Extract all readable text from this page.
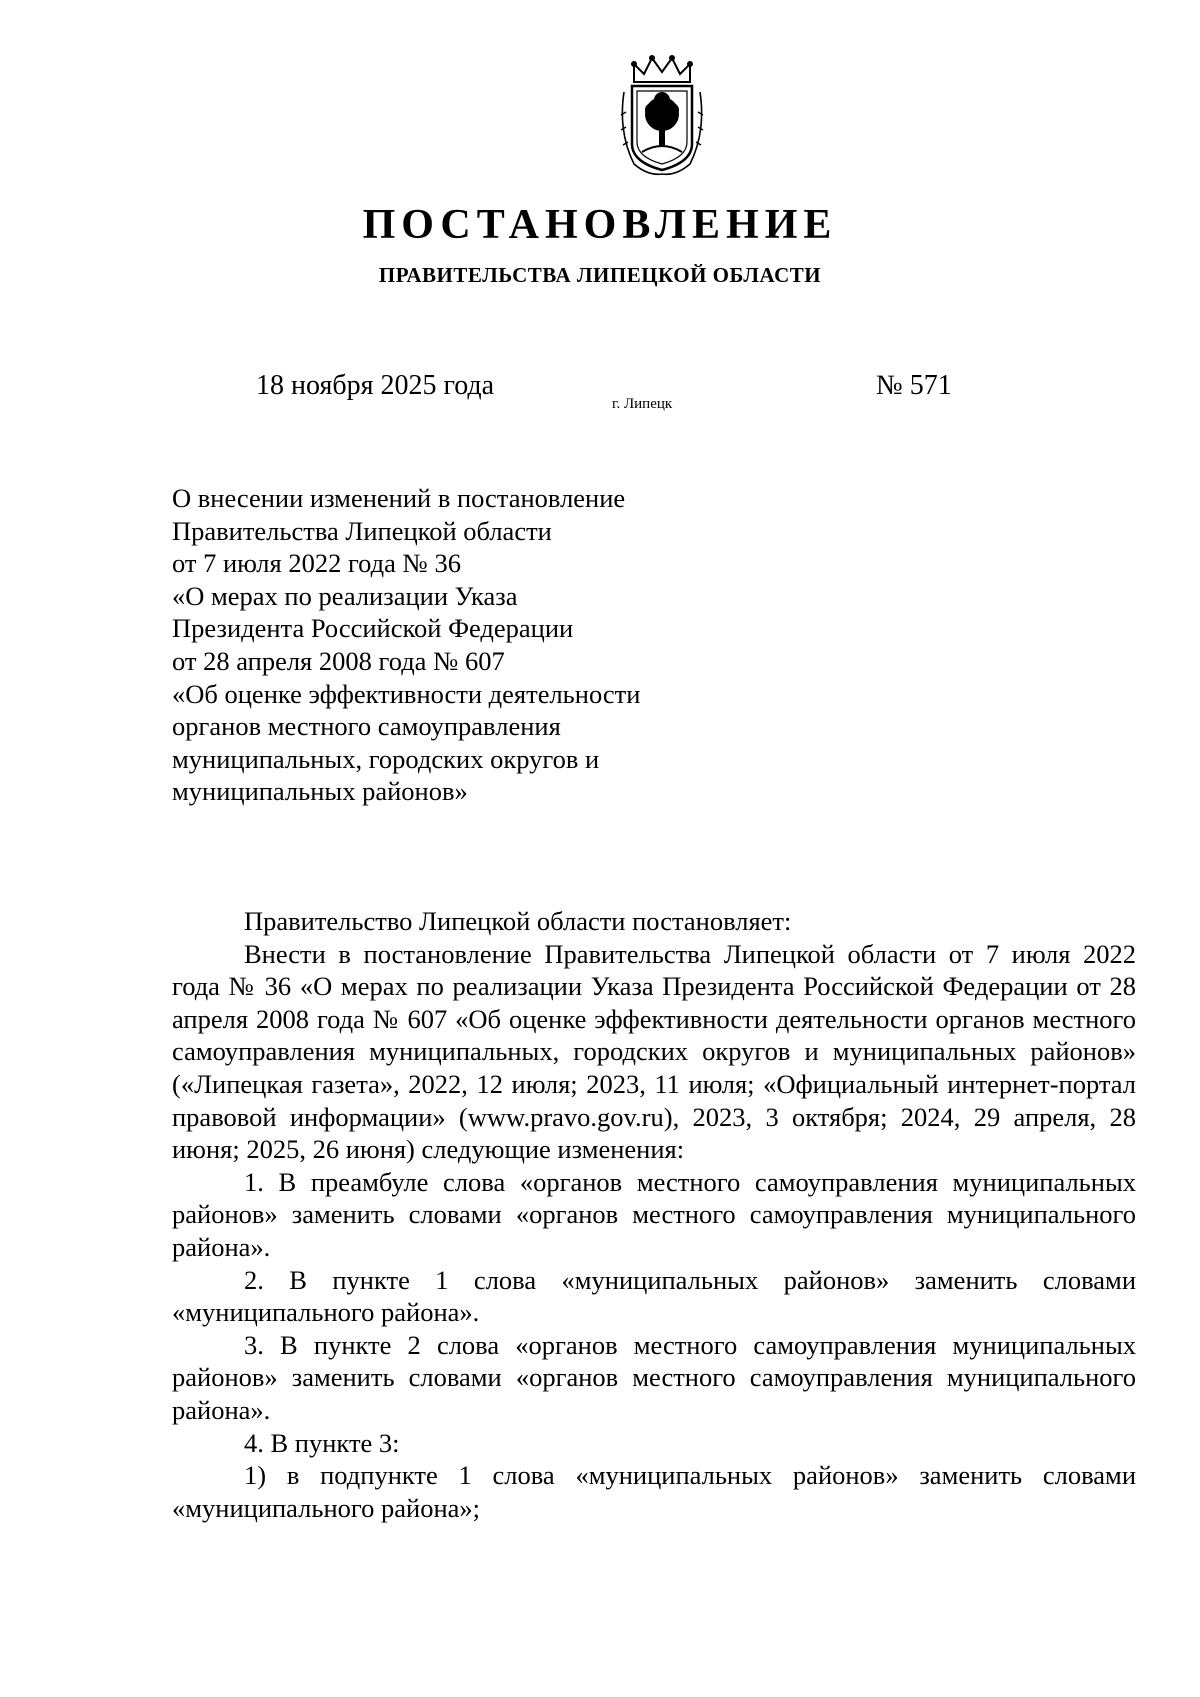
ПОСТАНОВЛЕНИЕ
ПРАВИТЕЛЬСТВА ЛИПЕЦКОЙ ОБЛАСТИ
18 ноября 2025 года
г. Липецк
№ 571
О внесении изменений в постановление
Правительства Липецкой области
от 7 июля 2022 года № 36
«О мерах по реализации Указа
Президента Российской Федерации
от 28 апреля 2008 года № 607
«Об оценке эффективности деятельности
органов местного самоуправления
муниципальных, городских округов и
муниципальных районов»

Правительство Липецкой области постановляет:

Внести в постановление Правительства Липецкой области от 7 июля 2022 года № 36 «О мерах по реализации Указа Президента Российской Федерации от 28 апреля 2008 года № 607 «Об оценке эффективности деятельности органов местного самоуправления муниципальных, городских округов и муниципальных районов» («Липецкая газета», 2022, 12 июля; 2023, 11 июля; «Официальный интернет-портал правовой информации» (www.pravo.gov.ru), 2023, 3 октября; 2024, 29 апреля, 28 июня; 2025, 26 июня) следующие изменения:

1. В преамбуле слова «органов местного самоуправления муниципальных районов» заменить словами «органов местного самоуправления муниципального района».

2. В пункте 1 слова «муниципальных районов» заменить словами «муниципального района».

3. В пункте 2 слова «органов местного самоуправления муниципальных районов» заменить словами «органов местного самоуправления муниципального района».

4. В пункте 3:

1) в подпункте 1 слова «муниципальных районов» заменить словами «муниципального района»;
